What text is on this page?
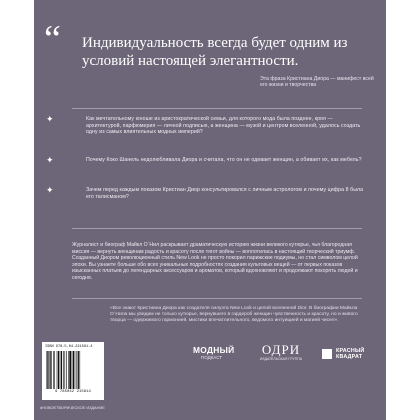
“ Индивидуальность всегда будет одним из условий настоящей элегантности.
Эта фраза Кристиана Диора — манифест всей его жизни и творчества
✦	Как мечтательному юноше из аристократической семьи, для которого мода была позднее, кроя — архитектурой, парфюмерия — личной подписью, а женщина — музой и центром вселенной, удалось создать одну из самых влиятельных модных империй?
✦	Почему Коко Шанель недолюбливала Диора и считала, что он не одевает женщин, а обивает их, как мебель?
✦	Зачем перед каждым показом Кристиан Диор консультировался с личным астрологом и почему цифра 8 была его талисманом?
Журналист и биограф Майкл О`Нил раскрывает драматическую историю жизни великого кутюрье, чья благородная миссия — вернуть женщинам радость и красоту после тягот войны — воплотилась в настоящий творческий триумф. Созданный Диором революционный стиль New Look не просто покорил парижские подиумы, но стал символом целой эпохи. Вы узнаете больше обо всех уникальных подробностях создания культовых вещей — от первых показов изысканных платьев до легендарных аксессуаров и ароматов, который вдохновляют и продолжают покорять людей и сегодня.
«Все знают Кристиана Диора как создателя силуэта New Look и целой вселенной Dior. В биографии Майкла О`Нила мы увидим не только кутюрье, вернувшего в гардероб женщин чувственность и красоту, но и живого творца — одержимого гармонией, мистики впечатлительного, ведомого интуицией и магией чисел».
ISBN 978-5-04-221581-4
9 785042 215814
#НОВОЕТВОРИЧЕСКОЕ ИЗДАНИЕ
МОДНЫЙ
ПОДКАСТ
ОДРИ
ИЗДАТЕЛЬСКАЯ ГРУППА
КРАСНЫЙ КВАДРАТ
